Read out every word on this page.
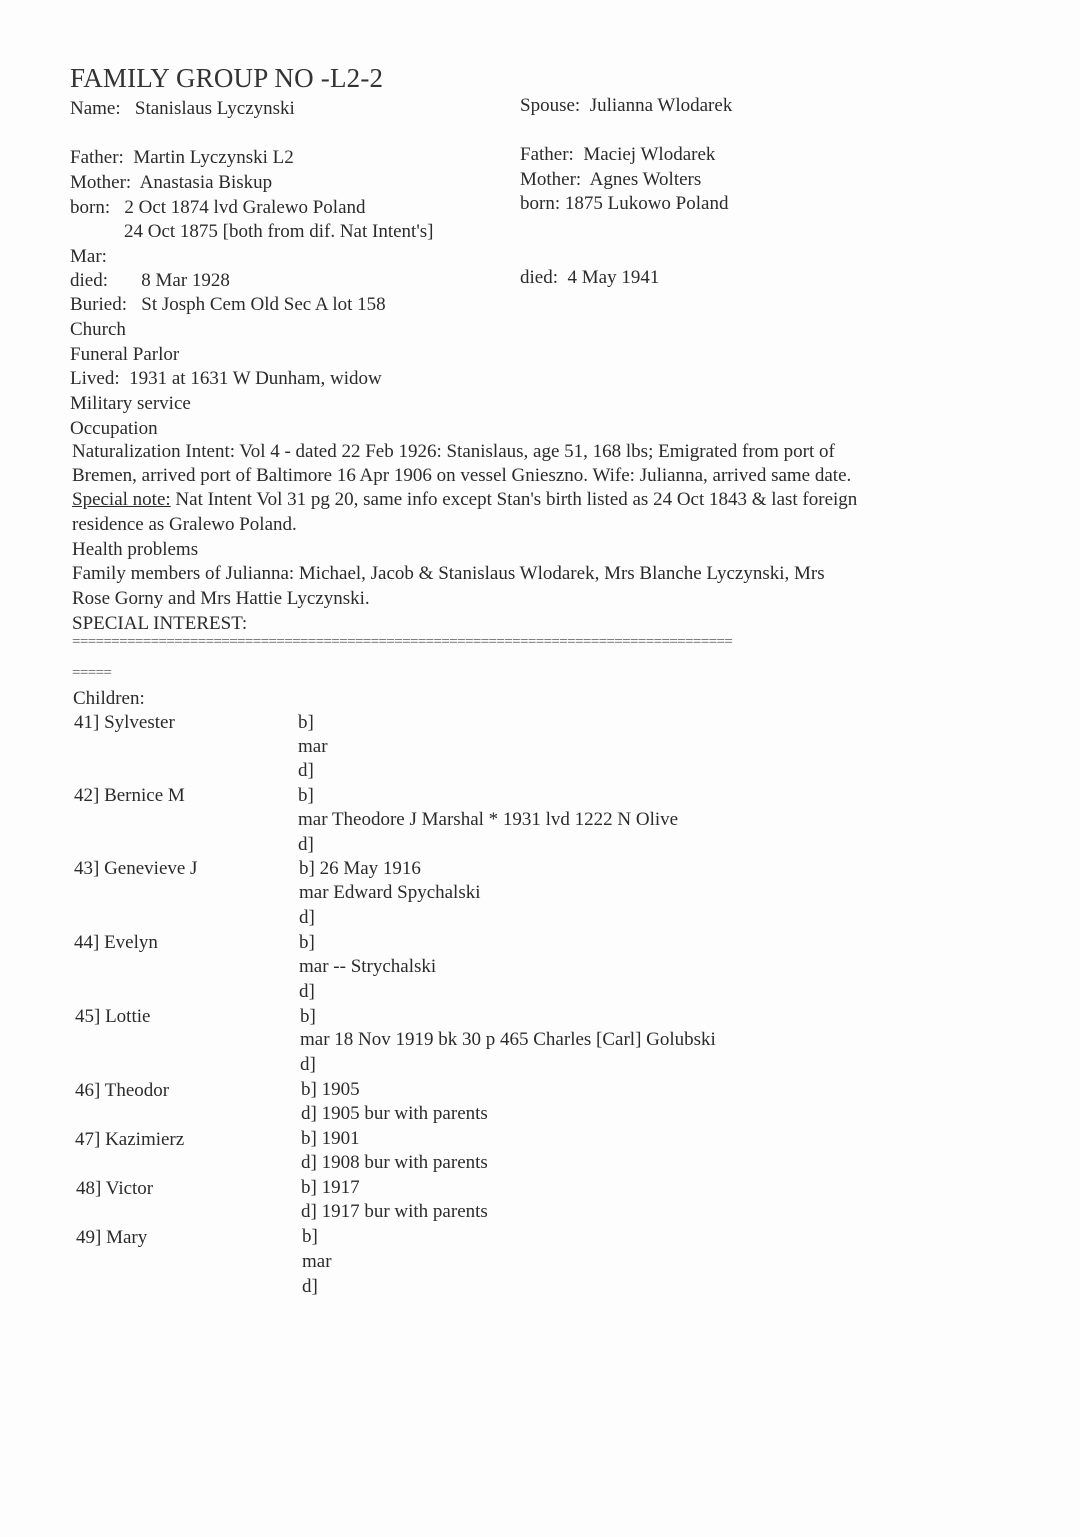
FAMILY GROUP NO -L2-2
Name: Stanislaus Lyczynski
Father: Martin Lyczynski L2
Mother: Anastasia Biskup
born: 2 Oct 1874 lvd Gralewo Poland
24 Oct 1875 [both from dif. Nat Intent's]
Mar:
died: 8 Mar 1928
Buried: St Josph Cem Old Sec A lot 158
Church
Funeral Parlor
Lived: 1931 at 1631 W Dunham, widow
Military service
Occupation
Naturalization Intent: Vol 4 - dated 22 Feb 1926: Stanislaus, age 51, 168 lbs; Emigrated from port of
Bremen, arrived port of Baltimore 16 Apr 1906 on vessel Gnieszno. Wife: Julianna, arrived same date.
Special note: Nat Intent Vol 31 pg 20, same info except Stan's birth listed as 24 Oct 1843 & last foreign
residence as Gralewo Poland.
Health problems
Family members of Julianna: Michael, Jacob & Stanislaus Wlodarek, Mrs Blanche Lyczynski, Mrs
Rose Gorny and Mrs Hattie Lyczynski.
SPECIAL INTEREST:
Spouse: Julianna Wlodarek
Father: Maciej Wlodarek
Mother: Agnes Wolters
born: 1875 Lukowo Poland
died: 4 May 1941
====================================================================================
=====
Children:
41] Sylvester	b]
mar
d]
42] Bernice M	b]
mar Theodore J Marshal * 1931 lvd 1222 N Olive
d]
43] Genevieve J	b] 26 May 1916
mar Edward Spychalski
d]
44] Evelyn	b]
mar -- Strychalski
d]
45] Lottie	b]
mar 18 Nov 1919 bk 30 p 465 Charles [Carl] Golubski
d]
46] Theodor	b] 1905
d] 1905 bur with parents
47] Kazimierz	b] 1901
d] 1908 bur with parents
48] Victor	b] 1917
d] 1917 bur with parents
49] Mary	b]
mar
d]
